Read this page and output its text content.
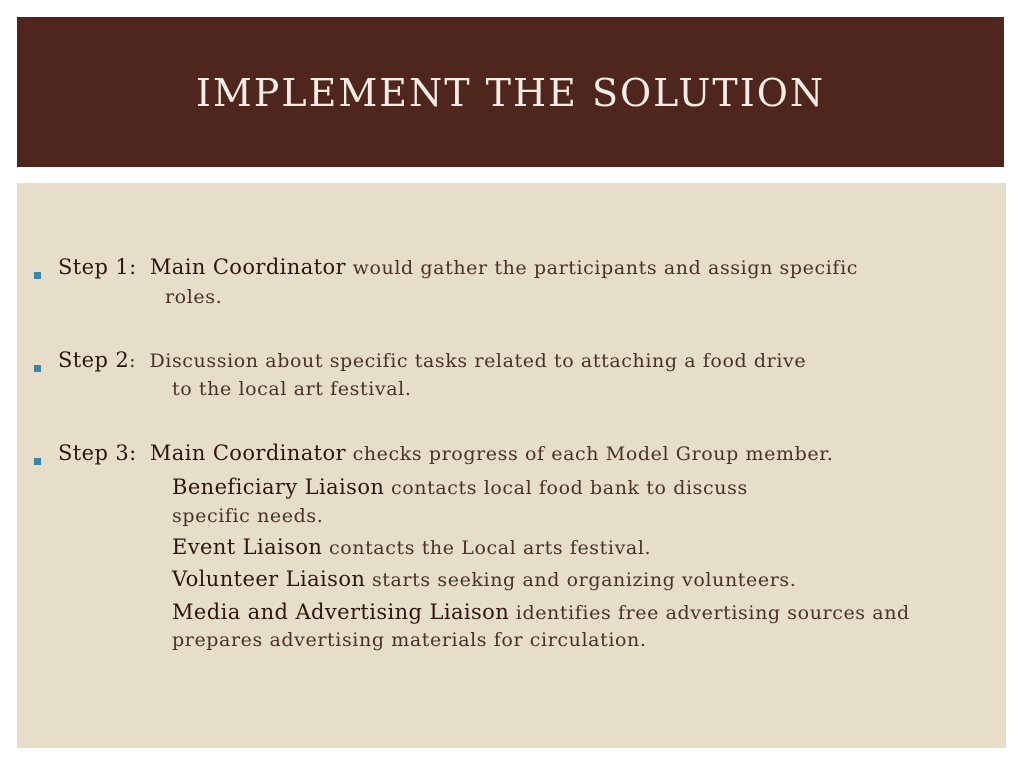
IMPLEMENT THE SOLUTION
Step 1: Main Coordinator would gather the participants and assign specific
roles.
Step 2: Discussion about specific tasks related to attaching a food drive
to the local art festival.
Step 3: Main Coordinator checks progress of each Model Group member.
Beneficiary Liaison contacts local food bank to discuss
specific needs.
Event Liaison contacts the Local arts festival.
Volunteer Liaison starts seeking and organizing volunteers.
Media and Advertising Liaison identifies free advertising sources and
prepares advertising materials for circulation.
